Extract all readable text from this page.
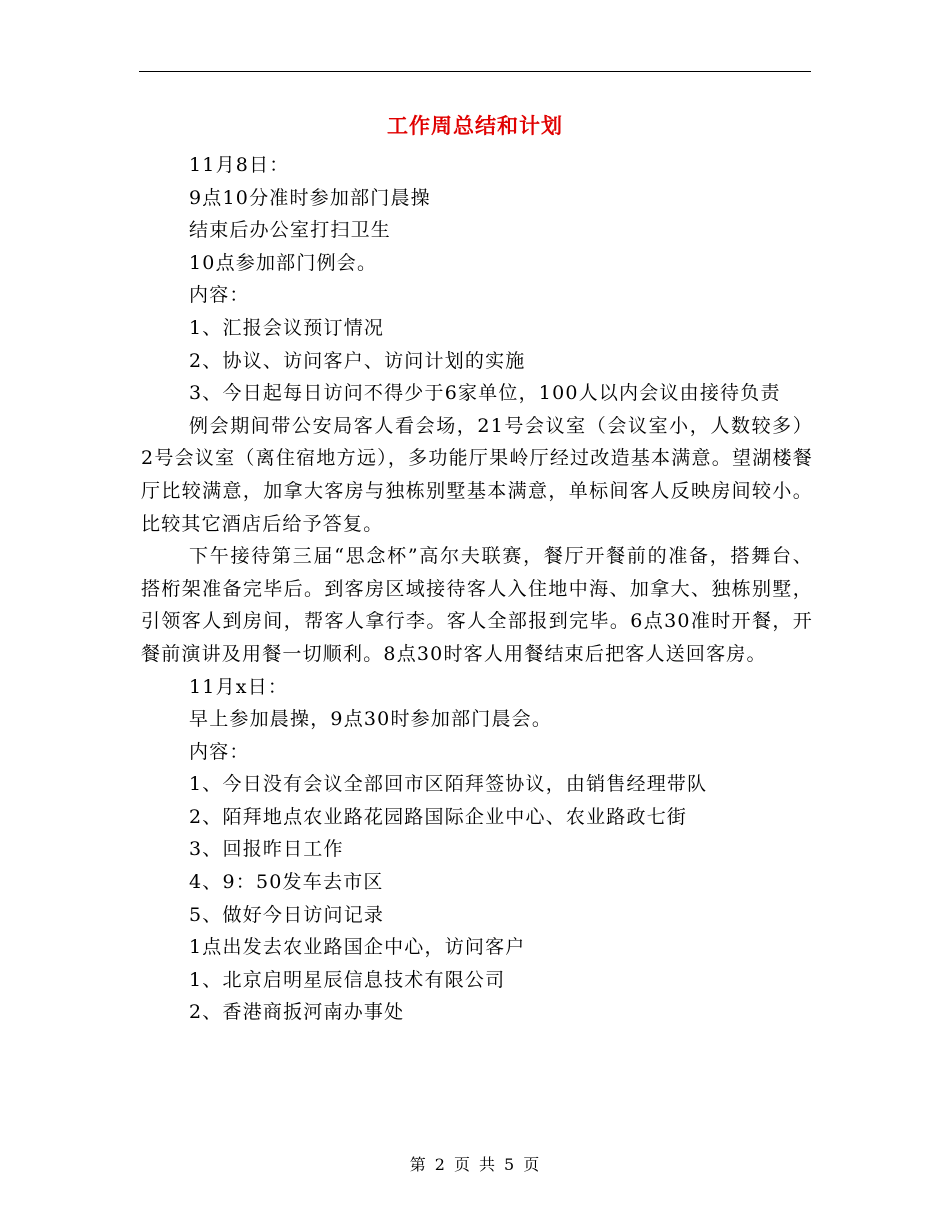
工作周总结和计划

11月8日：

9点10分准时参加部门晨操

结束后办公室打扫卫生

10点参加部门例会。

内容：

1、汇报会议预订情况

2、协议、访问客户、访问计划的实施

3、今日起每日访问不得少于6家单位，100人以内会议由接待负责

例会期间带公安局客人看会场，21号会议室（会议室小，人数较多）2号会议室（离住宿地方远），多功能厅果岭厅经过改造基本满意。望湖楼餐厅比较满意，加拿大客房与独栋别墅基本满意，单标间客人反映房间较小。比较其它酒店后给予答复。

下午接待第三届“思念杯”高尔夫联赛，餐厅开餐前的准备，搭舞台、搭桁架准备完毕后。到客房区域接待客人入住地中海、加拿大、独栋别墅，引领客人到房间，帮客人拿行李。客人全部报到完毕。6点30准时开餐，开餐前演讲及用餐一切顺利。8点30时客人用餐结束后把客人送回客房。

11月x日：

早上参加晨操，9点30时参加部门晨会。

内容：

1、今日没有会议全部回市区陌拜签协议，由销售经理带队

2、陌拜地点农业路花园路国际企业中心、农业路政七街

3、回报昨日工作

4、9：50发车去市区

5、做好今日访问记录

1点出发去农业路国企中心，访问客户

1、北京启明星辰信息技术有限公司

2、香港商扳河南办事处

第 2 页 共 5 页
